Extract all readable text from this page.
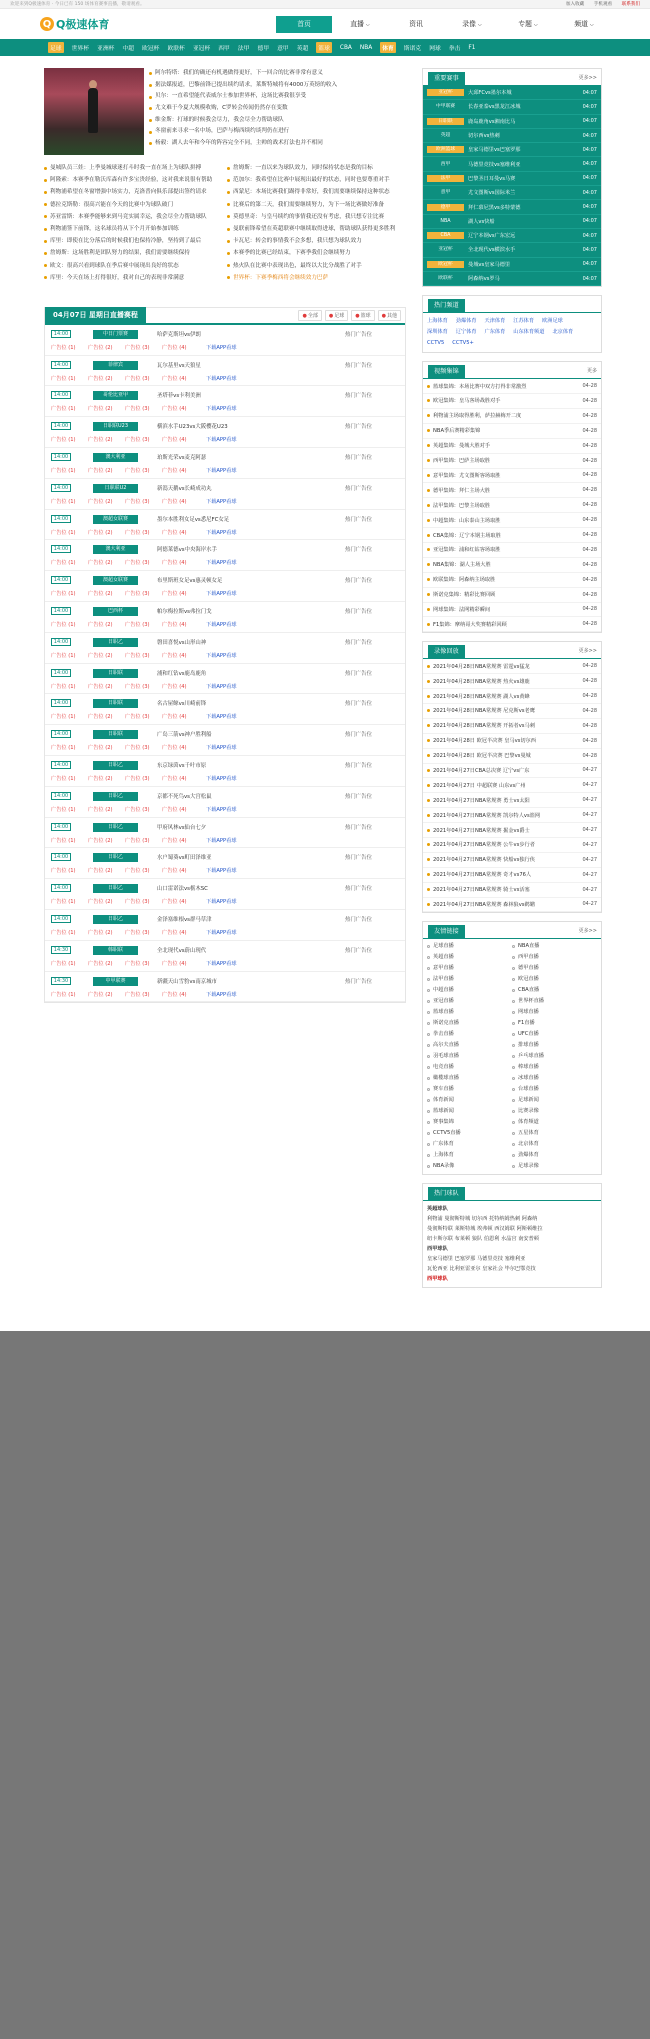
欢迎来到Q极速体育 · 今日已有 150 场体育赛事直播，敬请观看。	加入收藏 手机观看 联系我们
Q Q极速体育	首页	直播 ⌵	资讯	录像 ⌵	专题 ⌵	频道 ⌵
足球	世界杯 亚洲杯 中超 欧冠杯 欧联杯 亚冠杯 西甲 法甲 德甲 意甲 英超	篮球	CBA NBA	体育	斯诺克 网球 拳击 F1
阿尔特塔：我们的确还有机遇做得更好，下一回合的比赛非常有意义
据法媒报道，巴黎前锋已提出续约请求，莱斯特城将有4000万英镑的收入
贝尔：一直希望能代表威尔士参加世界杯，这场比赛我很享受
尤文难于今夏大规模收购，C罗转会传闻仍然存在变数
维金斯：打球的时候我会尽力，我会尽全力帮助球队
冬窗前来寻求一名中场，巴萨与梅西续约谈判仍在进行
杨毅：湖人去年和今年的阵容完全不同，主帅的战术打法也并不相同
曼城队员三娃：上季曼城球迷打斗时我一直在场上为球队拼搏	詹姆斯：一直以来为球队效力，同时保持状态是我的目标
阿隆索：本赛季在勒沃库森有许多宝贵经验，这对我来说很有帮助	范加尔：我希望在比赛中展现出最好的状态，同时也要尊重对手
利物浦希望在冬窗增强中场实力，克洛普向俱乐部提出签约请求	西蒙尼：本场比赛我们踢得非常好，我们需要继续保持这种状态
德拉克斯勒：很高兴能在今天的比赛中为球队破门	比赛后的第二天，我们需要继续努力，为下一场比赛做好准备
苏亚雷斯：本赛季能够来到马竞实属幸运，我会尽全力帮助球队	莫德里奇：与皇马续约的事情我还没有考虑，我只想专注比赛
利物浦签下前锋，这名球员将从下个月开始参加训练	曼联前锋希望在英超联赛中继续取得进球，帮助球队获得更多胜利
库里：即使在比分落后的时候我们也保持冷静，坚持到了最后	卡瓦尼：转会的事情我不会多想，我只想为球队效力
詹姆斯：这场胜利是团队努力的结果，我们需要继续保持	本赛季的比赛已经结束，下赛季我们会继续努力
欧文：很高兴看到球队在季后赛中展现出良好的状态	热火队在比赛中表现出色，最终以大比分战胜了对手
库里：今天在场上打得很好，我对自己的表现非常满意	世界杯：下赛季梅西将会继续效力巴萨
04月07日 星期日直播赛程	●全部	●足球	●篮球	●其他
14:00	中日门票赛	哈萨克斯坦vs伊朗	热门广告位
广告位 (1)	广告位 (2)	广告位 (3)	广告位 (4)	下载APP看球
14:00	菲律宾	瓦尔基里vs天狼星	热门广告位
广告位 (1)	广告位 (2)	广告位 (3)	广告位 (4)	下载APP看球
14:00	哥伦比亚甲	圣塔菲vs卡利美洲	热门广告位
广告位 (1)	广告位 (2)	广告位 (3)	广告位 (4)	下载APP看球
14:00	日职联U23	横滨水手U23vs大阪樱花U23	热门广告位
广告位 (1)	广告位 (2)	广告位 (3)	广告位 (4)	下载APP看球
14:00	澳大利亚	珀斯光荣vs麦克阿瑟	热门广告位
广告位 (1)	广告位 (2)	广告位 (3)	广告位 (4)	下载APP看球
14:00	日职联U2	新潟天鹅vs长崎成功丸	热门广告位
广告位 (1)	广告位 (2)	广告位 (3)	广告位 (4)	下载APP看球
14:00	澳超女联赛	墨尔本胜利女足vs悉尼FC女足	热门广告位
广告位 (1)	广告位 (2)	广告位 (3)	广告位 (4)	下载APP看球
14:00	澳大利亚	阿德莱德vs中央海岸水手	热门广告位
广告位 (1)	广告位 (2)	广告位 (3)	广告位 (4)	下载APP看球
14:00	澳超女联赛	布里斯班女足vs惠灵顿女足	热门广告位
广告位 (1)	广告位 (2)	广告位 (3)	广告位 (4)	下载APP看球
14:00	巴西杯	帕尔梅拉斯vs弗拉门戈	热门广告位
广告位 (1)	广告位 (2)	广告位 (3)	广告位 (4)	下载APP看球
14:00	日职乙	磐田喜悦vs山形山神	热门广告位
广告位 (1)	广告位 (2)	广告位 (3)	广告位 (4)	下载APP看球
14:00	日职联	浦和红钻vs鹿岛鹿角	热门广告位
广告位 (1)	广告位 (2)	广告位 (3)	广告位 (4)	下载APP看球
14:00	日职联	名古屋鲸vs川崎前锋	热门广告位
广告位 (1)	广告位 (2)	广告位 (3)	广告位 (4)	下载APP看球
14:00	日职联	广岛三箭vs神户胜利船	热门广告位
广告位 (1)	广告位 (2)	广告位 (3)	广告位 (4)	下载APP看球
14:00	日职乙	东京绿茵vs千叶市原	热门广告位
广告位 (1)	广告位 (2)	广告位 (3)	广告位 (4)	下载APP看球
14:00	日职乙	京都不死鸟vs大宫松鼠	热门广告位
广告位 (1)	广告位 (2)	广告位 (3)	广告位 (4)	下载APP看球
14:00	日职乙	甲府风林vs仙台七夕	热门广告位
广告位 (1)	广告位 (2)	广告位 (3)	广告位 (4)	下载APP看球
14:00	日职乙	水户蜀葵vs町田泽维亚	热门广告位
广告位 (1)	广告位 (2)	广告位 (3)	广告位 (4)	下载APP看球
14:00	日职乙	山口雷诺法vs栃木SC	热门广告位
广告位 (1)	广告位 (2)	广告位 (3)	广告位 (4)	下载APP看球
14:00	日职乙	金泽塞维根vs群马草津	热门广告位
广告位 (1)	广告位 (2)	广告位 (3)	广告位 (4)	下载APP看球
14:30	韩职联	全北现代vs蔚山现代	热门广告位
广告位 (1)	广告位 (2)	广告位 (3)	广告位 (4)	下载APP看球
14:30	中甲联赛	新疆天山雪豹vs南京城市	热门广告位
广告位 (1)	广告位 (2)	广告位 (3)	广告位 (4)	下载APP看球
重要赛事	更多>>
亚冠杯	大邱FCvs墨尔本城	04:07
中甲联赛	长春亚泰vs黑龙江冰城	04:07
日职联	鹿岛鹿角vs湘南比马	04:07
英超	切尔西vs热刺	04:07
欧洲篮球	皇家马德里vs巴塞罗那	04:07
西甲	马德里竞技vs塞维利亚	04:07
法甲	巴黎圣日耳曼vs马赛	04:07
意甲	尤文图斯vs国际米兰	04:07
德甲	拜仁慕尼黑vs多特蒙德	04:07
NBA	湖人vs快船	04:07
CBA	辽宁本钢vs广东宏远	04:07
亚冠杯	全北现代vs横滨水手	04:07
欧冠杯	曼城vs皇家马德里	04:07
欧联杯	阿森纳vs罗马	04:07
热门频道
上海体育 劲爆体育 天津体育 江苏体育 欧洲足球
深圳体育 辽宁体育 广东体育 山东体育频道 北京体育
CCTV5 CCTV5+
视频集锦	更多
篮球集锦：本场比赛中双方打得非常激烈	04-28
欧冠集锦：皇马客场战胜对手	04-28
利物浦主场取得胜利，萨拉赫梅开二度	04-28
NBA季后赛精彩集锦	04-28
英超集锦：曼城大胜对手	04-28
西甲集锦：巴萨主场取胜	04-28
意甲集锦：尤文图斯客场取胜	04-28
德甲集锦：拜仁主场大胜	04-28
法甲集锦：巴黎主场取胜	04-28
中超集锦：山东泰山主场取胜	04-28
CBA集锦：辽宁本钢主场取胜	04-28
亚冠集锦：浦和红钻客场取胜	04-28
NBA集锦：湖人主场大胜	04-28
欧联集锦：阿森纳主场取胜	04-28
斯诺克集锦：精彩比赛回顾	04-28
网球集锦：法网精彩瞬间	04-28
F1集锦：摩纳哥大奖赛精彩回顾	04-28
录像回放	更多>>
2021年04月28日NBA常规赛 雷霆vs猛龙	04-28
2021年04月28日NBA常规赛 热火vs雄鹿	04-28
2021年04月28日NBA常规赛 湖人vs黄蜂	04-28
2021年04月28日NBA常规赛 尼克斯vs老鹰	04-28
2021年04月28日NBA常规赛 开拓者vs马刺	04-28
2021年04月28日 欧冠半决赛 皇马vs切尔西	04-28
2021年04月28日 欧冠半决赛 巴黎vs曼城	04-28
2021年04月27日CBA总决赛 辽宁vs广东	04-27
2021年04月27日 中超联赛 山东vs广州	04-27
2021年04月27日NBA常规赛 勇士vs太阳	04-27
2021年04月27日NBA常规赛 凯尔特人vs篮网	04-27
2021年04月27日NBA常规赛 掘金vs爵士	04-27
2021年04月27日NBA常规赛 公牛vs步行者	04-27
2021年04月27日NBA常规赛 快船vs独行侠	04-27
2021年04月27日NBA常规赛 奇才vs76人	04-27
2021年04月27日NBA常规赛 骑士vs活塞	04-27
2021年04月27日NBA常规赛 森林狼vs鹈鹕	04-27
友情链接	更多>>
足球直播	NBA直播
英超直播	西甲直播
意甲直播	德甲直播
法甲直播	欧冠直播
中超直播	CBA直播
亚冠直播	世界杯直播
篮球直播	网球直播
斯诺克直播	F1直播
拳击直播	UFC直播
高尔夫直播	排球直播
羽毛球直播	乒乓球直播
电竞直播	棒球直播
橄榄球直播	冰球直播
赛车直播	台球直播
体育新闻	足球新闻
篮球新闻	比赛录像
赛事集锦	体育频道
CCTV5直播	五星体育
广东体育	北京体育
上海体育	劲爆体育
NBA录像	足球录像
热门球队
英超球队
利物浦 曼彻斯特城 切尔西 托特纳姆热刺 阿森纳
曼彻斯特联 莱斯特城 埃弗顿 西汉姆联 阿斯顿维拉
纽卡斯尔联 布莱顿 狼队 伯恩利 水晶宫 南安普顿
西甲球队
皇家马德里 巴塞罗那 马德里竞技 塞维利亚
瓦伦西亚 比利亚雷亚尔 皇家社会 毕尔巴鄂竞技
西甲球队
